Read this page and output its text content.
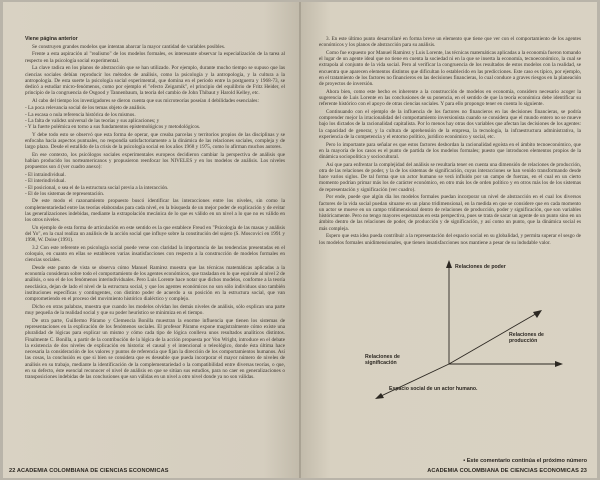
Viene página anterior

Se construyen grandes modelos que intentan abarcar la mayor cantidad de variables posibles.

Frente a esta aspiración al "realismo" de los modelos formales, es interesante observar la especialización de la tarea al respecto en la psicología social experimental.

La clave radica en los planos de abstracción que se han utilizado. Por ejemplo, durante mucho tiempo se supuso que las ciencias sociales debían reproducir los métodos de análisis, como la psicología y la antropología, y la cultura a la antropología. De esta suerte la psicología social experimental, que domina en el período entre la postguerra y 1968-73, se dedicó a estudiar micro-fenómenos, como por ejemplo el "efecto Zeigarnik", el principio del equilibrio de Fritz Heider, el principio de la congruencia de Osgood y Tannenbaum, la teoría del cambio de John Thibaut y Harold Kelley, etc.

Al cabo del tiempo los investigadores se dieron cuenta que sus microteorías poseían 4 debilidades esenciales:

- La poca relevancia social de los temas objeto de análisis.
- La escasa o nula referencia histórica de los mismos.
- La falta de validez universal de las teorías y sus aplicaciones; y
- Y la fuerte polémica en torno a sus fundamentos epistemológicos y metodológicos.

Y debe todo esto se observó que esta forma de operar, que creaba parcelas y territorios propios de las disciplinas y se enfocaba hacia aspectos puntuales, no respondía satisfactoriamente a la dinámica de las relaciones sociales, compleja y de largo plazo. Desde el estallido de la crisis de la psicología social en los años 1968 y 1975, como lo afirman muchos autores.

En ese contexto, los psicólogos sociales experimentales europeos decidieron cambiar la perspectiva de análisis que habían producido los norteamericanos y propusieron reenfocar los NIVELES y en los modelos de análisis. Los niveles propuestos son 4 (ver cuadro anexo):

- El intraindividual.
- El interindividual.
- El posicional, o sea el de la estructura social previa a la interacción.
- El de los sistemas de representación.

De este modo el razonamiento propuesto buscó identificar las interacciones entre los niveles, sin como la complementariedad entre las teorías elaboradas para cada nivel, en la búsqueda de un mejor poder de explicación y de evitar las generalizaciones indebidas, mediante la extrapolación mecánica de lo que es válido en un nivel a lo que no es válido en los otros niveles.

Un ejemplo de esta forma de articulación en este sentido es la que establece Freud en "Psicología de las masas y análisis del Yo", en la cual realiza un análisis de la acción social que influye sobre la constitución del sujeto (S. Moscovici en 1991 y 1998, W. Doise (1991).

3.2 Con este referente en psicología social puede verse con claridad la importancia de las tendencias presentadas en el coloquio, en cuanto en ellas se establecen varias insatisfacciones con respecto a la construcción de modelos formales en ciencias sociales.

Desde este punto de vista se observa cómo Manuel Ramírez muestra que las técnicas matemáticas aplicadas a la economía consideran sobre todo el comportamiento de los agentes económicos, que trasladan en lo que equivale al nivel 2 de análisis, o sea el de los fenómenos interindividuales. Pero Luis Lorente hace notar que dichos modelos, conforme a la teoría neoclásica, dejan de lado el nivel de la estructura social, y que los agentes económicos no son sólo individuos sino también instituciones específicas y contingentes, con distinto poder de acuerdo a su posición en la estructura social, que van comprometiendo en el proceso del movimiento histórico dialéctico y complejo.

Dicho en otras palabras, muestra que cuando los modelos olvidan los demás niveles de análisis, sólo explican una parte muy pequeña de la realidad social y que su poder heurístico se minimiza en el tiempo.

De otra parte, Guillermo Páramo y Clemencia Bonilla muestran la enorme influencia que tienen los sistemas de representaciones en la explicación de los fenómenos sociales. El profesor Páramo expone magistralmente cómo existe una pluralidad de lógicas para explicar un mismo y cómo cada tipo de lógica conlleva unos resultados analíticos distintos. Finalmente C. Bonilla, a partir de la contribución de la lógica de la acción propuesta por Von Wright, introduce en el debate la existencia de dos niveles de explicación en historia: el causal y el intencional o teleológico, donde ésta última hace necesaria la consideración de los valores y puntos de referencia que fijan la dirección de los comportamientos humanos. Así las cosas, la conclusión es que si bien se considera que es deseable que pueda incorporar el mayor número de niveles de análisis en su trabajo, mediante la identificación de la complementariedad o la compatibilidad entre diversas teorías, o que, en su defecto, éste esencial reconocer el nivel de análisis en que se sitúan sus estudios, para no caer en generalizaciones o transposiciones indebidas de las conclusiones que son válidas en un nivel a otro nivel donde ya no son válidas.

22 ACADEMIA COLOMBIANA DE CIENCIAS ECONOMICAS

3. En este último punto desarrollaré en forma breve un elemento que tiene que ver con el comportamiento de los agentes económicos y los planos de abstracción para su análisis.

Como fue expuesto por Manuel Ramírez y Luis Lorente, las técnicas matemáticas aplicadas a la economía fueron tomando el lugar de un agente ideal que no tiene en cuenta la sociedad ni en la que se inserta la economía, tecnoeconómico, la cual se extrapola al conjunto de la vida social. Pero al verificar la congruencia de los resultados de estos modelos con la realidad, se encuentra que aparecen elementos distintos que dificultan lo establecido en las predicciones. Este caso es típico, por ejemplo, en el tratamiento de los factores no financieros en las decisiones financieras, lo cual conduce a graves riesgos en la planeación de proyectos de inversión.

Ahora bien, como este hecho es inherente a la construcción de modelos en economía, considero necesario acoger la sugerencia de Luis Lorente en las conclusiones de su ponencia, en el sentido de que la teoría económica debe identificar su referente histórico con el apoyo de otras ciencias sociales. Y para ello propongo tener en cuenta lo siguiente.

Continuando con el ejemplo de la influencia de los factores no financieros en las decisiones financieras, se podría comprender mejor la irracionalidad del comportamiento inversionista cuando se considera que el mundo entero no se mueve bajo los dictados de la racionalidad capitalista. Por lo menos hay otras dos variables que afectan las decisiones de los agentes: la capacidad de generar, y la cultura de aprehensión de la empresa, la tecnología, la infraestructura administrativa, la experiencia de la competencia y el entorno político, jurídico económico y social, etc.

Pero lo importante para señalar es que estos factores desbordan la racionalidad egoísta en el ámbito tecnoeconómico, que en la mayoría de los casos es el punto de partida de los modelos formales; puesto que introducen elementos propios de la dinámica sociopolítica y sociocultural.

Así que para enfrentar la complejidad del análisis se resultaría tener en cuenta una dimensión de relaciones de producción, otra de las relaciones de poder, y la de los sistemas de significación, cuyas interacciones se han venido transformando desde hace varios siglos. De tal forma que un actor humano se verá influido por un campo de fuerzas, en el cual en un cierto momento podrían primar más los de carácter económico, en otro más los de orden político y en otros más los de los sistemas de representación y significación (ver cuadro).

Por ende, puede que algún día los modelos formales puedan incorporar un nivel de abstracción en el cual los diversos factores de la vida social puedan situarse en un plano tridimensional, en la medida en que se considere que en cada momento un actor se mueve en un campo tridimensional dentro de relaciones de producción, poder y significación, que son variables históricamente. Pero no tengo mayores esperanzas en esta perspectiva, pues se trata de sacar un agente de un punto sino en un ámbito dentro de las relaciones de poder, de producción y de significación, y así como un punto, que la dinámica social es más compleja.

Espero que esta idea pueda contribuir a la representación del espacio social en su globalidad, y permita superar el sesgo de los modelos formales unidimensionales, que tienen insatisfacciones nos mantiene a pesar de su indudable valor.

Relaciones de poder
Relaciones de producción
Relaciones de significación
Espacio social de un actor humano.
• Este comentario continúa el próximo número
ACADEMIA COLOMBIANA DE CIENCIAS ECONOMICAS 23
